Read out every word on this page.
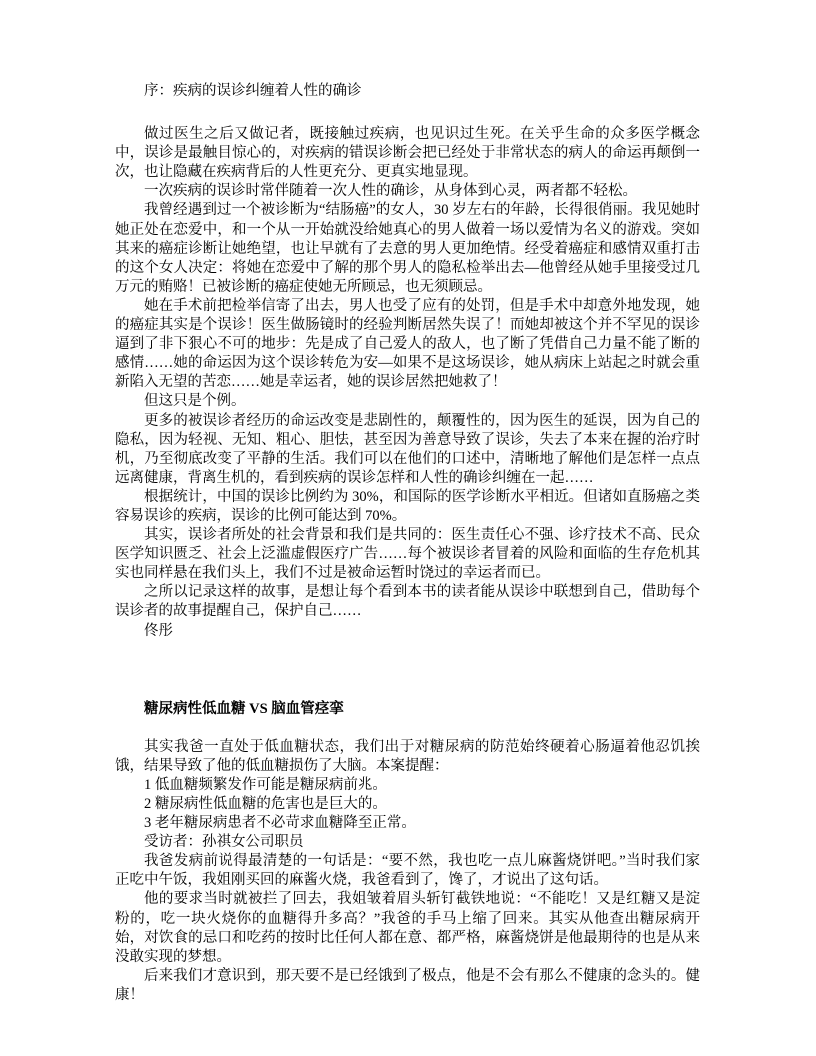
序：疾病的误诊纠缠着人性的确诊

做过医生之后又做记者，既接触过疾病，也见识过生死。在关乎生命的众多医学概念中，误诊是最触目惊心的，对疾病的错误诊断会把已经处于非常状态的病人的命运再颠倒一次，也让隐藏在疾病背后的人性更充分、更真实地显现。

一次疾病的误诊时常伴随着一次人性的确诊，从身体到心灵，两者都不轻松。

我曾经遇到过一个被诊断为“结肠癌”的女人，30 岁左右的年龄，长得很俏丽。我见她时她正处在恋爱中，和一个从一开始就没给她真心的男人做着一场以爱情为名义的游戏。突如其来的癌症诊断让她绝望，也让早就有了去意的男人更加绝情。经受着癌症和感情双重打击的这个女人决定：将她在恋爱中了解的那个男人的隐私检举出去—他曾经从她手里接受过几万元的贿赂！已被诊断的癌症使她无所顾忌，也无须顾忌。

她在手术前把检举信寄了出去，男人也受了应有的处罚，但是手术中却意外地发现，她的癌症其实是个误诊！医生做肠镜时的经验判断居然失误了！而她却被这个并不罕见的误诊逼到了非下狠心不可的地步：先是成了自己爱人的敌人，也了断了凭借自己力量不能了断的感情……她的命运因为这个误诊转危为安—如果不是这场误诊，她从病床上站起之时就会重新陷入无望的苦恋……她是幸运者，她的误诊居然把她救了！

但这只是个例。

更多的被误诊者经历的命运改变是悲剧性的，颠覆性的，因为医生的延误，因为自己的隐私，因为轻视、无知、粗心、胆怯，甚至因为善意导致了误诊，失去了本来在握的治疗时机，乃至彻底改变了平静的生活。我们可以在他们的口述中，清晰地了解他们是怎样一点点远离健康，背离生机的，看到疾病的误诊怎样和人性的确诊纠缠在一起……

根据统计，中国的误诊比例约为 30%，和国际的医学诊断水平相近。但诸如直肠癌之类容易误诊的疾病，误诊的比例可能达到 70%。

其实，误诊者所处的社会背景和我们是共同的：医生责任心不强、诊疗技术不高、民众医学知识匮乏、社会上泛滥虚假医疗广告……每个被误诊者冒着的风险和面临的生存危机其实也同样悬在我们头上，我们不过是被命运暂时饶过的幸运者而已。

之所以记录这样的故事，是想让每个看到本书的读者能从误诊中联想到自己，借助每个误诊者的故事提醒自己，保护自己……

佟彤

糖尿病性低血糖 VS 脑血管痉挛

其实我爸一直处于低血糖状态，我们出于对糖尿病的防范始终硬着心肠逼着他忍饥挨饿，结果导致了他的低血糖损伤了大脑。本案提醒：

1 低血糖频繁发作可能是糖尿病前兆。

2 糖尿病性低血糖的危害也是巨大的。

3 老年糖尿病患者不必苛求血糖降至正常。

受访者：孙祺女公司职员

我爸发病前说得最清楚的一句话是：“要不然，我也吃一点儿麻酱烧饼吧。”当时我们家正吃中午饭，我姐刚买回的麻酱火烧，我爸看到了，馋了，才说出了这句话。

他的要求当时就被拦了回去，我姐皱着眉头斩钉截铁地说：“不能吃！又是红糖又是淀粉的，吃一块火烧你的血糖得升多高？”我爸的手马上缩了回来。其实从他查出糖尿病开始，对饮食的忌口和吃药的按时比任何人都在意、都严格，麻酱烧饼是他最期待的也是从来没敢实现的梦想。

后来我们才意识到，那天要不是已经饿到了极点，他是不会有那么不健康的念头的。健康！
